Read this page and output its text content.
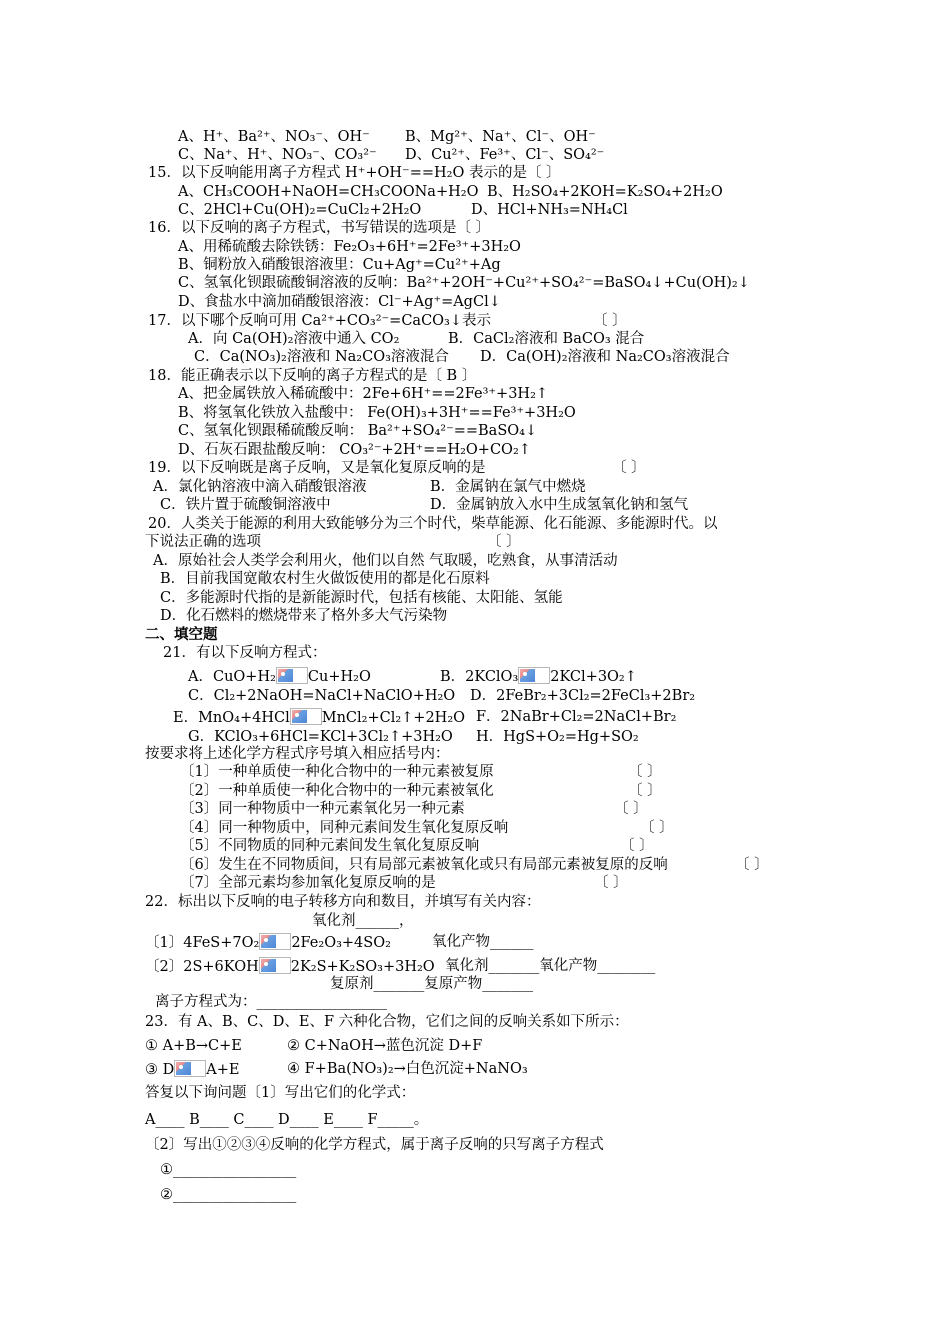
A、H⁺、Ba²⁺、NO₃⁻、OH⁻ B、Mg²⁺、Na⁺、Cl⁻、OH⁻
C、Na⁺、H⁺、NO₃⁻、CO₃²⁻ D、Cu²⁺、Fe³⁺、Cl⁻、SO₄²⁻
15．以下反响能用离子方程式 H⁺+OH⁻==H₂O 表示的是〔 〕
A、CH₃COOH+NaOH=CH₃COONa+H₂O B、H₂SO₄+2KOH=K₂SO₄+2H₂O
C、2HCl+Cu(OH)₂=CuCl₂+2H₂O	D、HCl+NH₃=NH₄Cl
16．以下反响的离子方程式，书写错误的选项是〔 〕
A、用稀硫酸去除铁锈：Fe₂O₃+6H⁺=2Fe³⁺+3H₂O
B、铜粉放入硝酸银溶液里：Cu+Ag⁺=Cu²⁺+Ag
C、氢氧化钡跟硫酸铜溶液的反响：Ba²⁺+2OH⁻+Cu²⁺+SO₄²⁻=BaSO₄↓+Cu(OH)₂↓
D、食盐水中滴加硝酸银溶液：Cl⁻+Ag⁺=AgCl↓
17．以下哪个反响可用 Ca²⁺+CO₃²⁻=CaCO₃↓表示	〔 〕
A．向 Ca(OH)₂溶液中通入 CO₂	B．CaCl₂溶液和 BaCO₃ 混合
C．Ca(NO₃)₂溶液和 Na₂CO₃溶液混合 D．Ca(OH)₂溶液和 Na₂CO₃溶液混合
18．能正确表示以下反响的离子方程式的是〔 B 〕
A、把金属铁放入稀硫酸中：2Fe+6H⁺==2Fe³⁺+3H₂↑
B、将氢氧化铁放入盐酸中： Fe(OH)₃+3H⁺==Fe³⁺+3H₂O
C、氢氧化钡跟稀硫酸反响： Ba²⁺+SO₄²⁻==BaSO₄↓
D、石灰石跟盐酸反响： CO₃²⁻+2H⁺==H₂O+CO₂↑
19．以下反响既是离子反响，又是氧化复原反响的是	〔 〕
A．氯化钠溶液中滴入硝酸银溶液	B．金属钠在氯气中燃烧
C．铁片置于硫酸铜溶液中	D．金属钠放入水中生成氢氧化钠和氢气
20．人类关于能源的利用大致能够分为三个时代，柴草能源、化石能源、多能源时代。以
下说法正确的选项	〔 〕
A．原始社会人类学会利用火，他们以自然 气取暖，吃熟食，从事清活动
B．目前我国宽敞农村生火做饭使用的都是化石原料
C．多能源时代指的是新能源时代，包括有核能、太阳能、氢能
D．化石燃料的燃烧带来了格外多大气污染物
二、填空题
21．有以下反响方程式：
A．CuO+H₂ Cu+H₂O	B．2KClO₃ 2KCl+3O₂↑
C．Cl₂+2NaOH=NaCl+NaClO+H₂O D．2FeBr₂+3Cl₂=2FeCl₃+2Br₂
E．MnO₄+4HCl MnCl₂+Cl₂↑+2H₂O F．2NaBr+Cl₂=2NaCl+Br₂
G．KClO₃+6HCl=KCl+3Cl₂↑+3H₂O H．HgS+O₂=Hg+SO₂
按要求将上述化学方程式序号填入相应括号内：
〔1〕一种单质使一种化合物中的一种元素被复原	〔 〕
〔2〕一种单质使一种化合物中的一种元素被氧化	〔 〕
〔3〕同一种物质中一种元素氧化另一种元素	〔 〕
〔4〕同一种物质中，同种元素间发生氧化复原反响	〔 〕
〔5〕不同物质的同种元素间发生氧化复原反响	〔 〕
〔6〕发生在不同物质间，只有局部元素被氧化或只有局部元素被复原的反响	〔 〕
〔7〕全部元素均参加氧化复原反响的是	〔 〕
22．标出以下反响的电子转移方向和数目，并填写有关内容：
氧化剂______，
〔1〕4FeS+7O₂ 2Fe₂O₃+4SO₂	氧化产物______
〔2〕2S+6KOH 2K₂S+K₂SO₃+3H₂O 氧化剂_______氧化产物________
复原剂_______复原产物_______
离子方程式为：__________________
23．有 A、B、C、D、E、F 六种化合物，它们之间的反响关系如下所示：
① A+B→C+E	② C+NaOH→蓝色沉淀 D+F
③ D A+E	④ F+Ba(NO₃)₂→白色沉淀+NaNO₃
答复以下询问题〔1〕写出它们的化学式：
A____ B____ C____ D____ E____ F_____。
〔2〕写出①②③④反响的化学方程式，属于离子反响的只写离子方程式
①_________________
②_________________
